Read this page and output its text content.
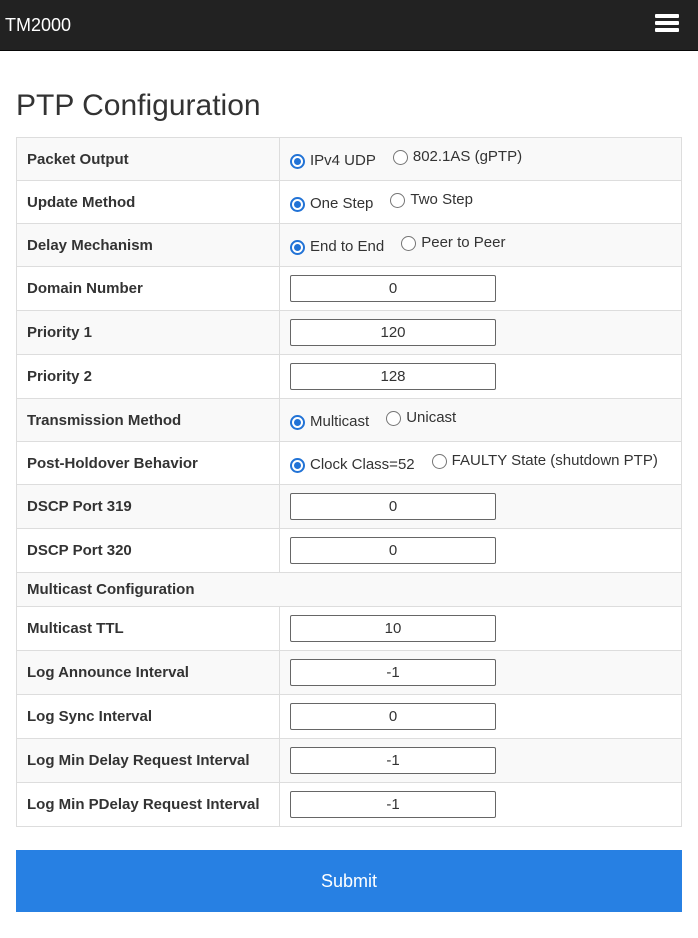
TM2000
PTP Configuration
Packet Output	IPv4 UDP 802.1AS (gPTP)

Update Method	One Step Two Step

Delay Mechanism	End to End Peer to Peer

Domain Number	0
Priority 1	120
Priority 2	128
Transmission Method	Multicast Unicast

Post-Holdover Behavior	Clock Class=52 FAULTY State (shutdown PTP)

DSCP Port 319	0
DSCP Port 320	0
Multicast Configuration	
Multicast TTL	10
Log Announce Interval	-1
Log Sync Interval	0
Log Min Delay Request Interval	-1
Log Min PDelay Request Interval	-1
Submit
